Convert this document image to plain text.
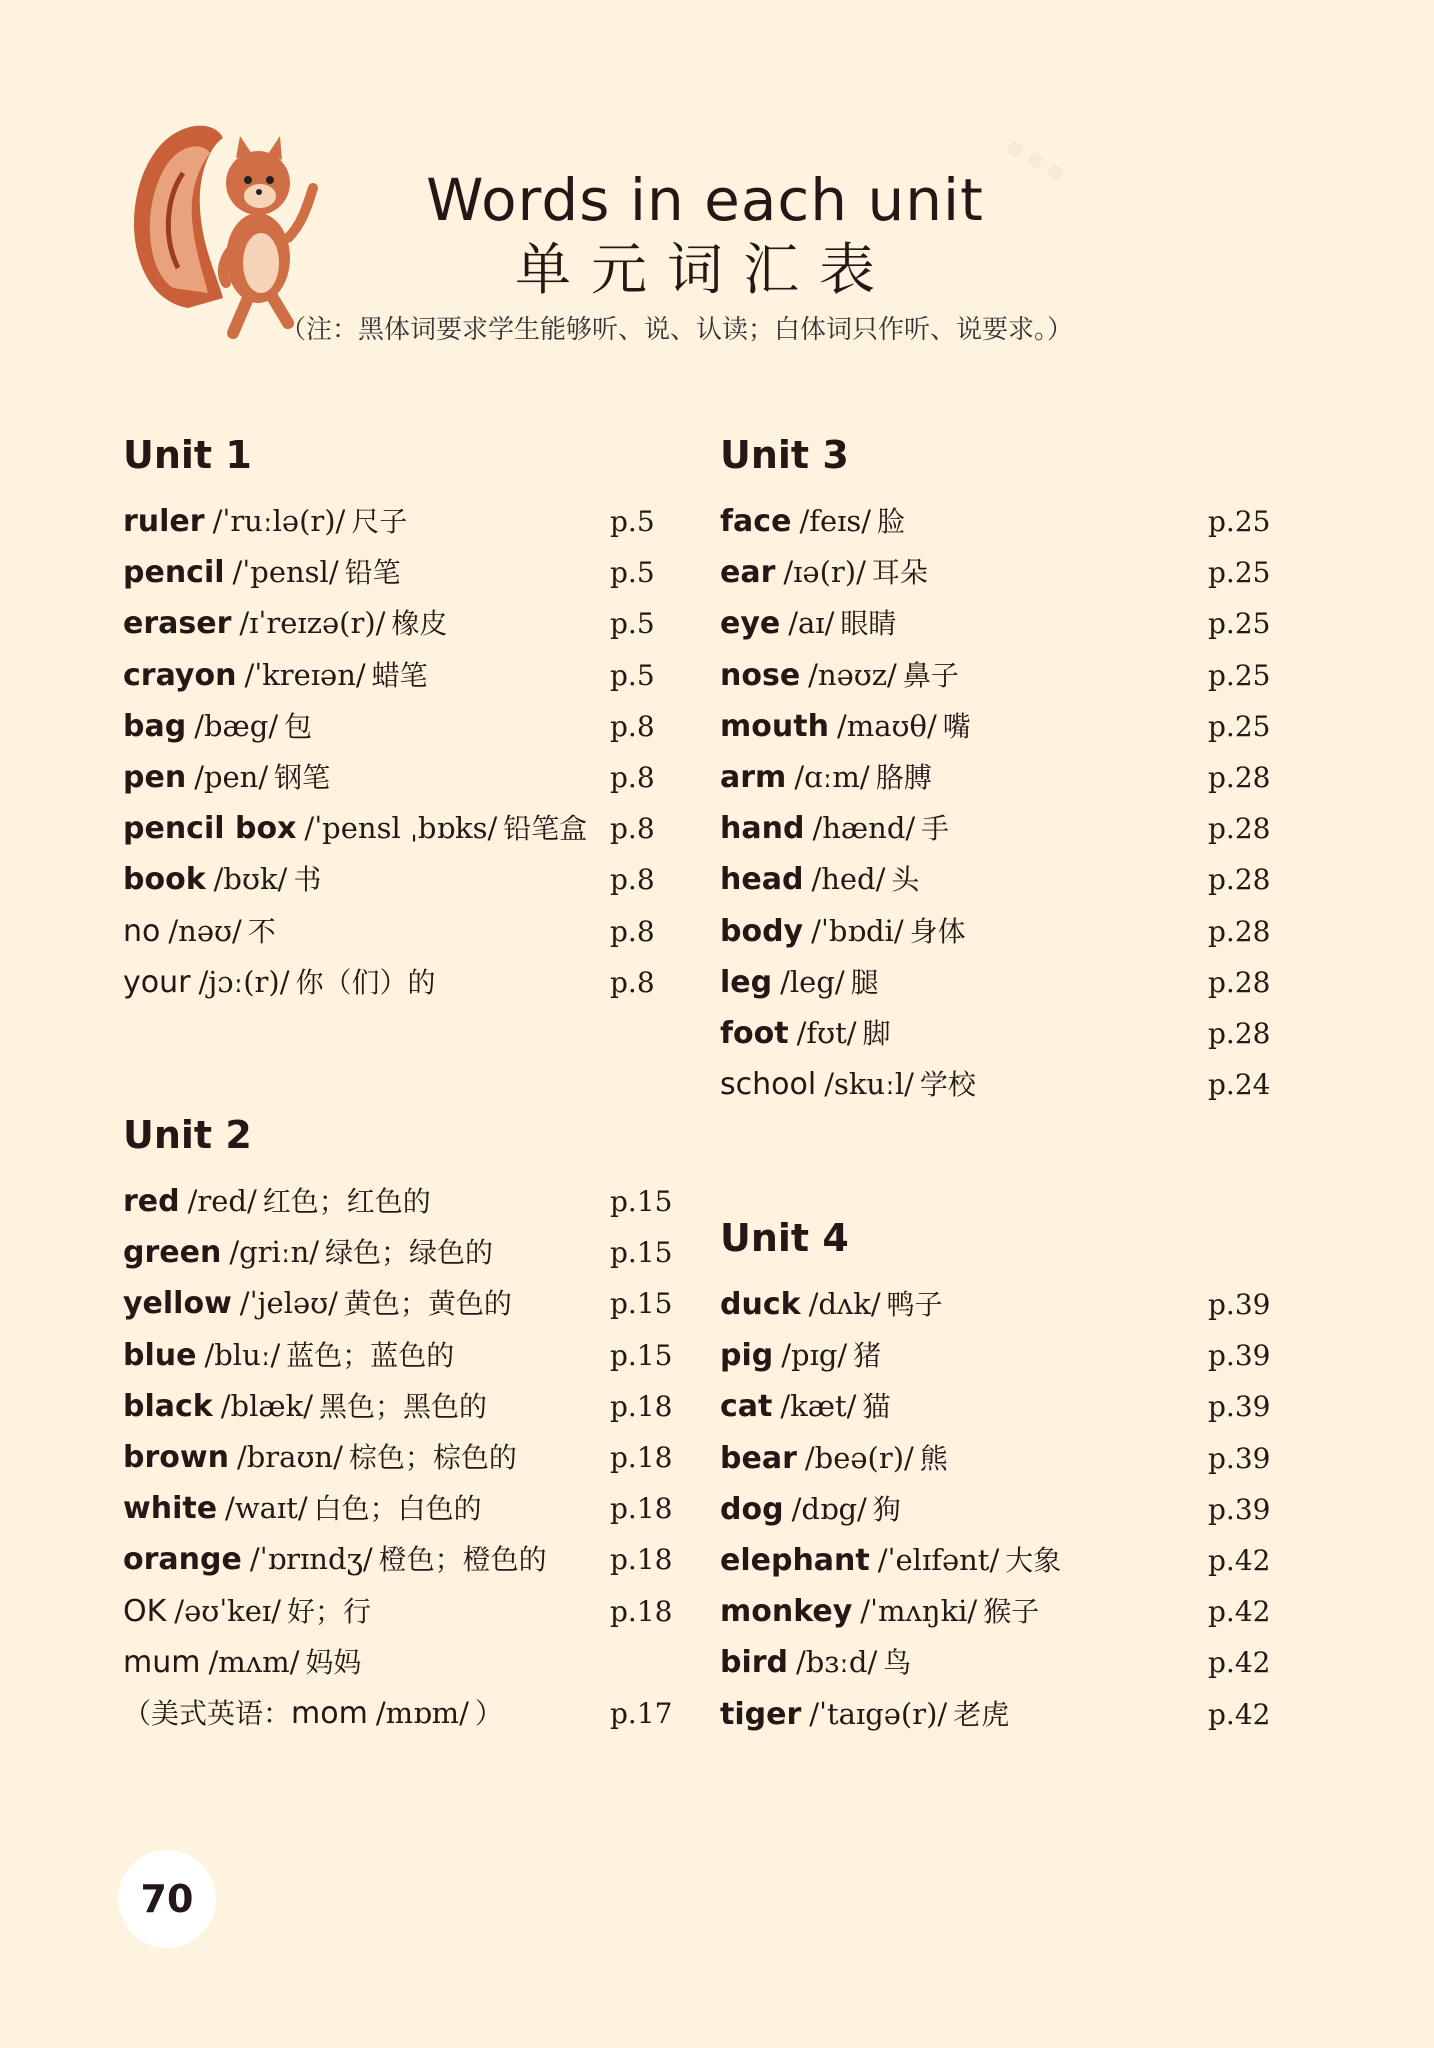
Words in each unit
单元词汇表
（注：黑体词要求学生能够听、说、认读；白体词只作听、说要求。）
Unit 1
ruler /ˈruːlə(r)/ 尺子	p.5
pencil /ˈpensl/ 铅笔	p.5
eraser /ɪˈreɪzə(r)/ 橡皮	p.5
crayon /ˈkreɪən/ 蜡笔	p.5
bag /bæg/ 包	p.8
pen /pen/ 钢笔	p.8
pencil box /ˈpensl ˌbɒks/ 铅笔盒 p.8
book /bʊk/ 书	p.8
no /nəʊ/ 不	p.8
your /jɔː(r)/ 你（们）的	p.8
Unit 2
red /red/ 红色；红色的	p.15
green /griːn/ 绿色；绿色的	p.15
yellow /ˈjeləʊ/ 黄色；黄色的	p.15
blue /bluː/ 蓝色；蓝色的	p.15
black /blæk/ 黑色；黑色的	p.18
brown /braʊn/ 棕色；棕色的	p.18
white /waɪt/ 白色；白色的	p.18
orange /ˈɒrɪndʒ/ 橙色；橙色的 p.18
OK /əʊˈkeɪ/ 好；行	p.18
mum /mʌm/ 妈妈
（美式英语：mom /mɒm/ ）	p.17
Unit 3
face /feɪs/ 脸	p.25
ear /ɪə(r)/ 耳朵	p.25
eye /aɪ/ 眼睛	p.25
nose /nəʊz/ 鼻子	p.25
mouth /maʊθ/ 嘴	p.25
arm /ɑːm/ 胳膊	p.28
hand /hænd/ 手	p.28
head /hed/ 头	p.28
body /ˈbɒdi/ 身体	p.28
leg /leg/ 腿	p.28
foot /fʊt/ 脚	p.28
school /skuːl/ 学校	p.24
Unit 4
duck /dʌk/ 鸭子	p.39
pig /pɪg/ 猪	p.39
cat /kæt/ 猫	p.39
bear /beə(r)/ 熊	p.39
dog /dɒg/ 狗	p.39
elephant /ˈelɪfənt/ 大象	p.42
monkey /ˈmʌŋki/ 猴子	p.42
bird /bɜːd/ 鸟	p.42
tiger /ˈtaɪgə(r)/ 老虎	p.42
70
